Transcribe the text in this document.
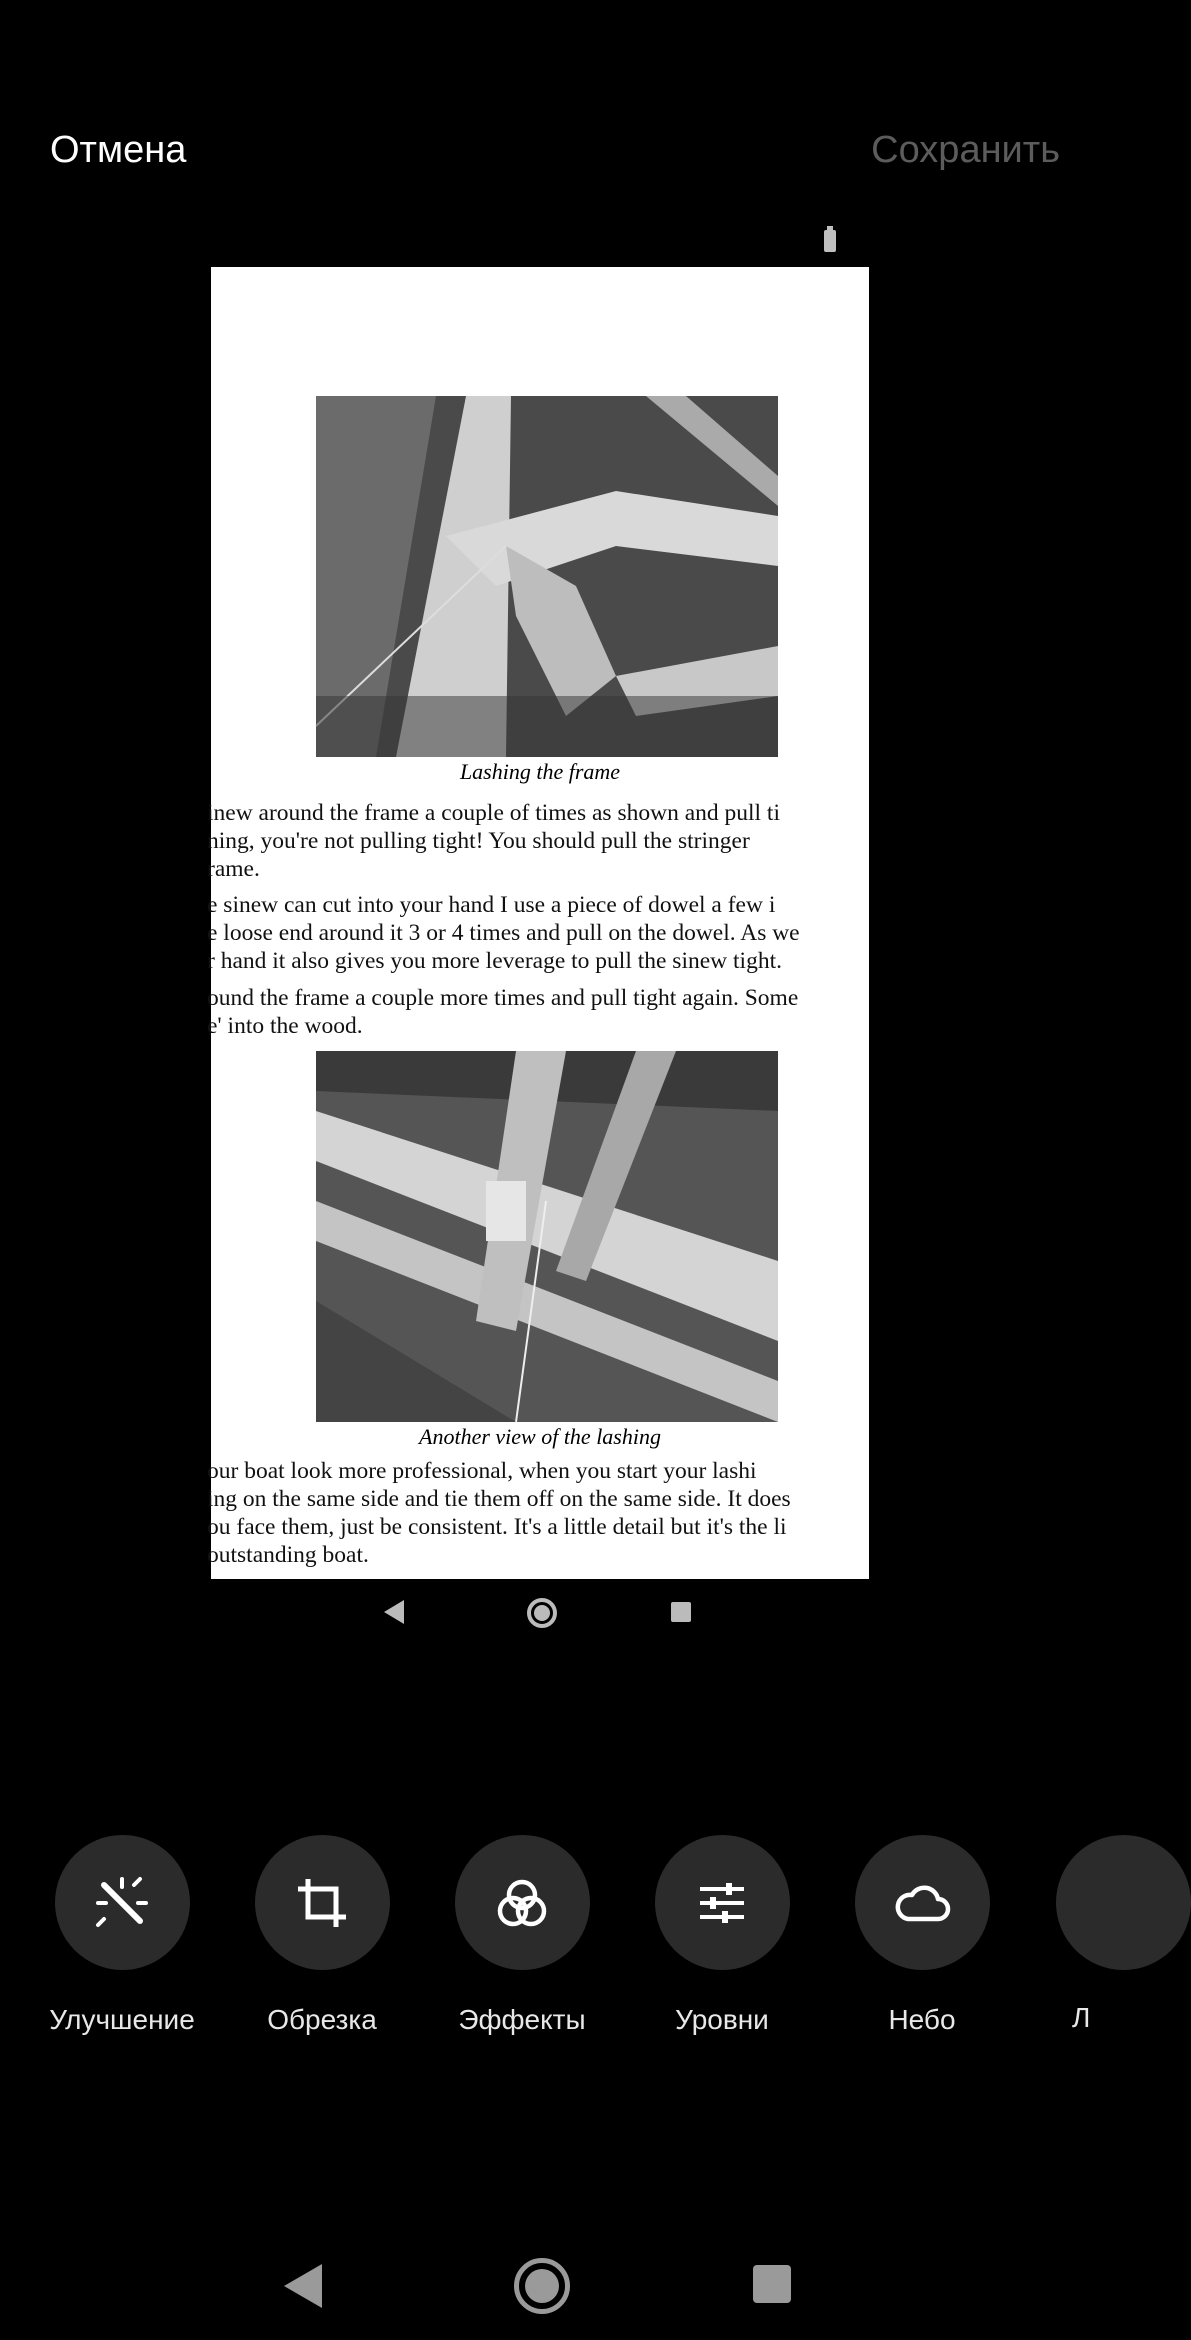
Отмена	Сохранить
Lashing the frame
inew around the frame a couple of times as shown and pull ti
ning, you're not pulling tight! You should pull the stringer
rame.
e sinew can cut into your hand I use a piece of dowel a few i
e loose end around it 3 or 4 times and pull on the dowel. As we
r hand it also gives you more leverage to pull the sinew tight.
ound the frame a couple more times and pull tight again. Some
e' into the wood.
Another view of the lashing
our boat look more professional, when you start your lashi
ing on the same side and tie them off on the same side. It does
ou face them, just be consistent. It's a little detail but it's the li
outstanding boat.
Улучшение	Обрезка	Эффекты	Уровни	Небо	Л
